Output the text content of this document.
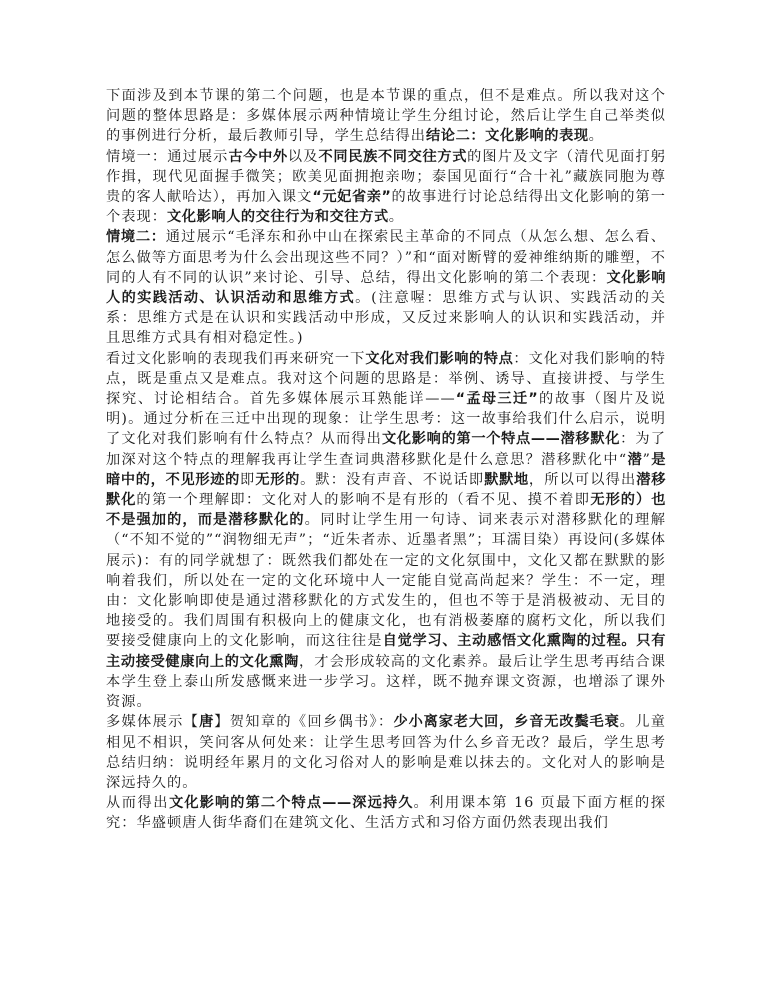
下面涉及到本节课的第二个问题，也是本节课的重点，但不是难点。所以我对这个问题的整体思路是：多媒体展示两种情境让学生分组讨论，然后让学生自己举类似的事例进行分析，最后教师引导，学生总结得出结论二：文化影响的表现。

情境一：通过展示古今中外以及不同民族不同交往方式的图片及文字（清代见面打躬作揖，现代见面握手微笑；欧美见面拥抱亲吻；泰国见面行“合十礼”藏族同胞为尊贵的客人献哈达），再加入课文“元妃省亲”的故事进行讨论总结得出文化影响的第一个表现：文化影响人的交往行为和交往方式。

情境二：通过展示“毛泽东和孙中山在探索民主革命的不同点（从怎么想、怎么看、怎么做等方面思考为什么会出现这些不同？）”和“面对断臂的爱神维纳斯的雕塑，不同的人有不同的认识”来讨论、引导、总结，得出文化影响的第二个表现：文化影响人的实践活动、认识活动和思维方式。(注意喔：思维方式与认识、实践活动的关系：思维方式是在认识和实践活动中形成，又反过来影响人的认识和实践活动，并且思维方式具有相对稳定性。)

看过文化影响的表现我们再来研究一下文化对我们影响的特点：文化对我们影响的特点，既是重点又是难点。我对这个问题的思路是：举例、诱导、直接讲授、与学生探究、讨论相结合。首先多媒体展示耳熟能详——“孟母三迁”的故事（图片及说明)。通过分析在三迁中出现的现象：让学生思考：这一故事给我们什么启示，说明了文化对我们影响有什么特点？从而得出文化影响的第一个特点——潜移默化：为了加深对这个特点的理解我再让学生查词典潜移默化是什么意思？潜移默化中“潜”是暗中的，不见形迹的即无形的。默：没有声音、不说话即默默地，所以可以得出潜移默化的第一个理解即：文化对人的影响不是有形的（看不见、摸不着即无形的）也不是强加的，而是潜移默化的。同时让学生用一句诗、词来表示对潜移默化的理解（“不知不觉的”“润物细无声”；“近朱者赤、近墨者黑”；耳濡目染）再设问(多媒体展示)：有的同学就想了：既然我们都处在一定的文化氛围中，文化又都在默默的影响着我们，所以处在一定的文化环境中人一定能自觉高尚起来？学生：不一定，理由：文化影响即使是通过潜移默化的方式发生的，但也不等于是消极被动、无目的地接受的。我们周围有积极向上的健康文化，也有消极萎靡的腐朽文化，所以我们要接受健康向上的文化影响，而这往往是自觉学习、主动感悟文化熏陶的过程。只有主动接受健康向上的文化熏陶，才会形成较高的文化素养。最后让学生思考再结合课本学生登上泰山所发感慨来进一步学习。这样，既不抛弃课文资源，也增添了课外资源。

多媒体展示【唐】贺知章的《回乡偶书》：少小离家老大回，乡音无改鬓毛衰。儿童相见不相识，笑问客从何处来：让学生思考回答为什么乡音无改？最后，学生思考总结归纳：说明经年累月的文化习俗对人的影响是难以抹去的。文化对人的影响是深远持久的。

从而得出文化影响的第二个特点——深远持久。利用课本第 16 页最下面方框的探究：华盛顿唐人街华裔们在建筑文化、生活方式和习俗方面仍然表现出我们
